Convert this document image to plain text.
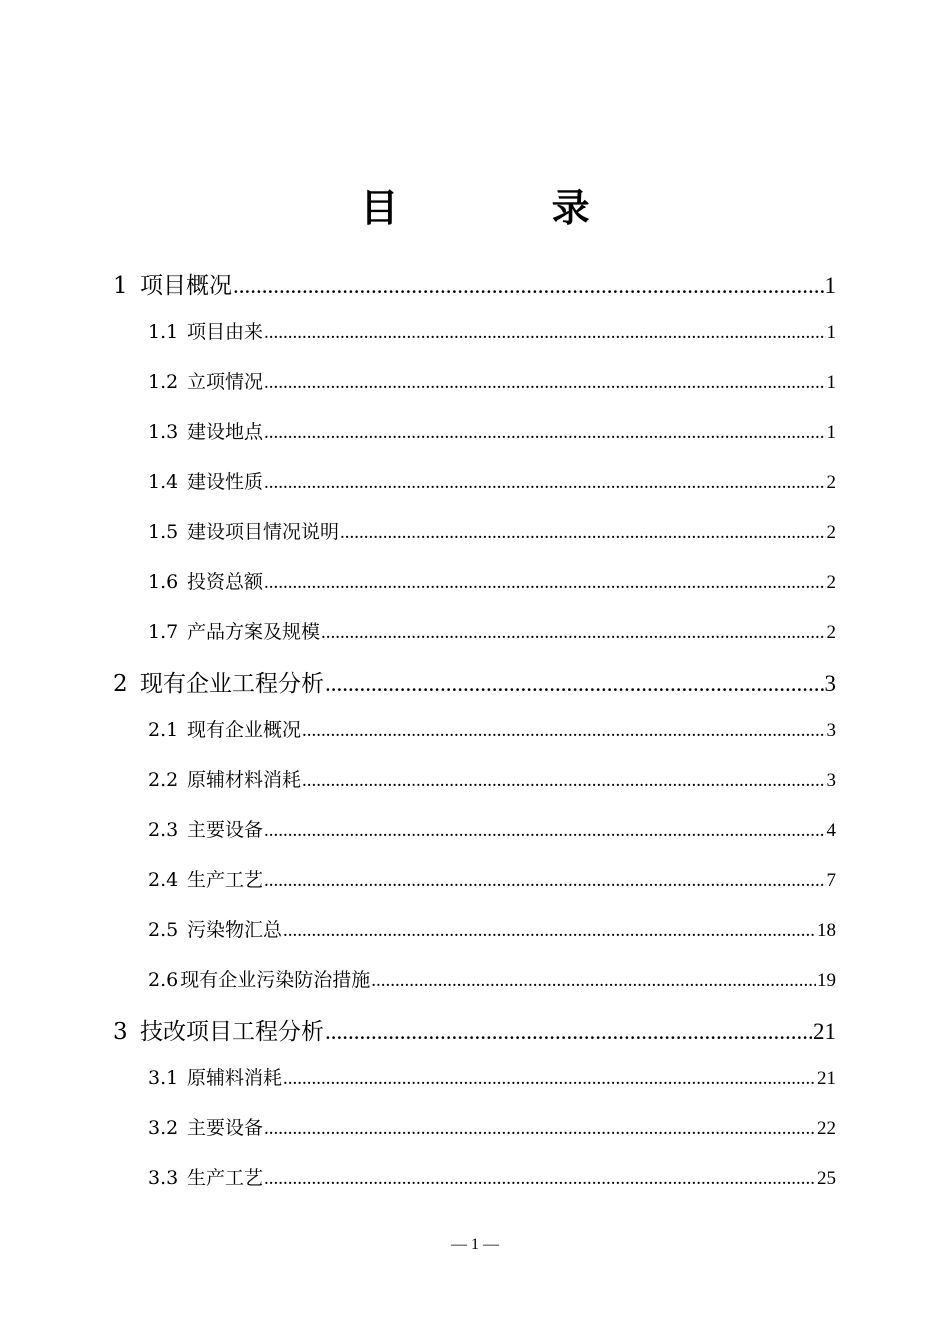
目 录
1 项目概况 .....	1
1.1 项目由来 .....	1
1.2 立项情况 .....	1
1.3 建设地点 .....	1
1.4 建设性质 .....	2
1.5 建设项目情况说明 .....	2
1.6 投资总额 .....	2
1.7 产品方案及规模 .....	2
2 现有企业工程分析 .....	3
2.1 现有企业概况 .....	3
2.2 原辅材料消耗 .....	3
2.3 主要设备 .....	4
2.4 生产工艺 .....	7
2.5 污染物汇总 .....	18
2.6 现有企业污染防治措施 .....	19
3 技改项目工程分析 .....	21
3.1 原辅料消耗 .....	21
3.2 主要设备 .....	22
3.3 生产工艺 .....	25
— 1 —
